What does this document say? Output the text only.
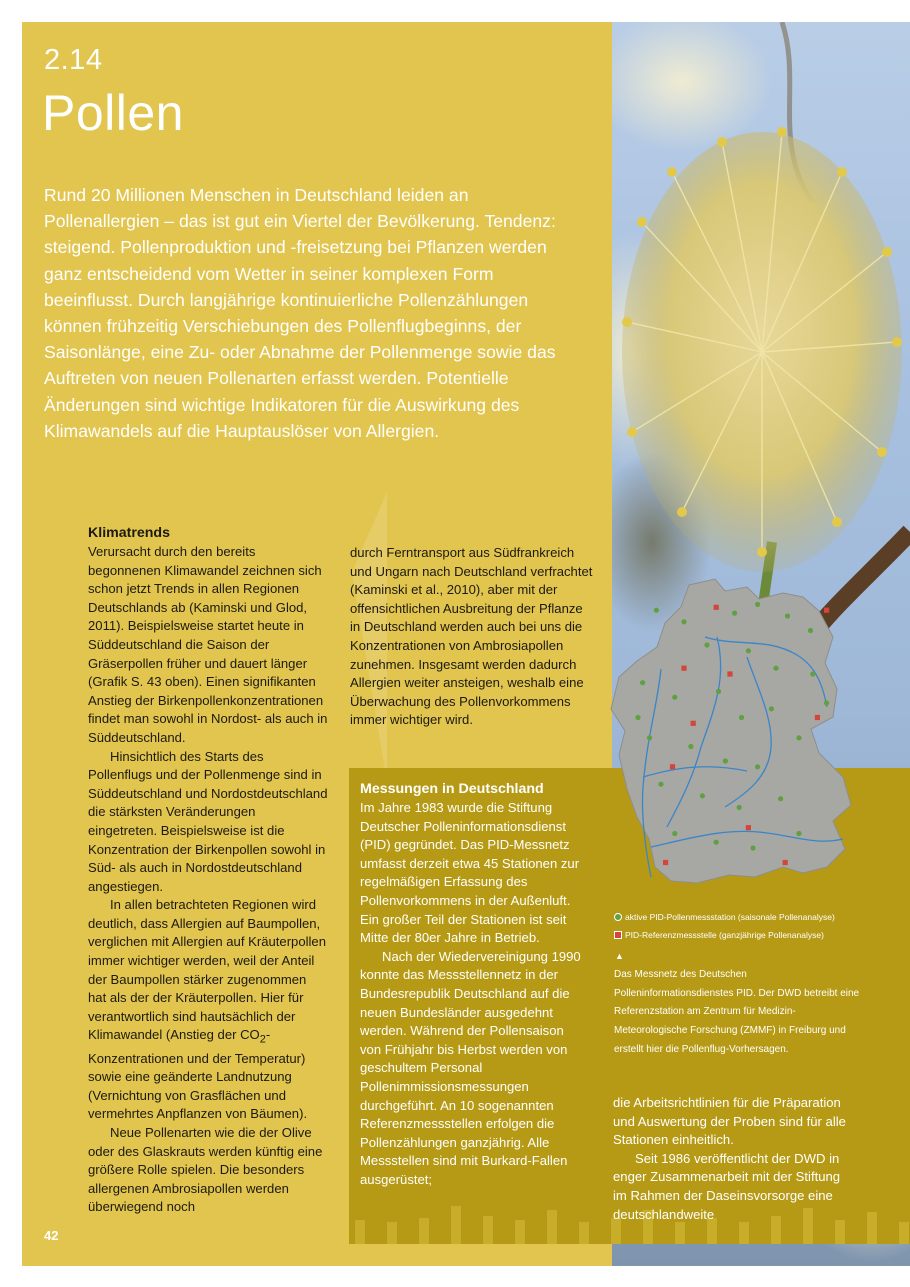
2.14
Pollen

Rund 20 Millionen Menschen in Deutschland leiden an Pollenallergien – das ist gut ein Viertel der Bevölkerung. Tendenz: steigend. Pollenproduktion und -freisetzung bei Pflanzen werden ganz entscheidend vom Wetter in seiner komplexen Form beeinflusst. Durch langjährige kontinuierliche Pollenzählungen können frühzeitig Verschiebungen des Pollenflugbeginns, der Saisonlänge, eine Zu- oder Abnahme der Pollenmenge sowie das Auftreten von neuen Pollenarten erfasst werden. Potentielle Änderungen sind wichtige Indikatoren für die Auswirkung des Klimawandels auf die Hauptauslöser von Allergien.

Klimatrends

Verursacht durch den bereits begonnenen Klimawandel zeichnen sich schon jetzt Trends in allen Regionen Deutschlands ab (Kaminski und Glod, 2011). Beispielsweise startet heute in Süddeutschland die Saison der Gräserpollen früher und dauert länger (Grafik S. 43 oben). Einen signifikanten Anstieg der Birkenpollenkonzentrationen findet man sowohl in Nordost- als auch in Süddeutschland.

Hinsichtlich des Starts des Pollenflugs und der Pollenmenge sind in Süddeutschland und Nordostdeutschland die stärksten Veränderungen eingetreten. Beispielsweise ist die Konzentration der Birkenpollen sowohl in Süd- als auch in Nordostdeutschland angestiegen.

In allen betrachteten Regionen wird deutlich, dass Allergien auf Baumpollen, verglichen mit Allergien auf Kräuterpollen immer wichtiger werden, weil der Anteil der Baumpollen stärker zugenommen hat als der der Kräuterpollen. Hier für verantwortlich sind hautsächlich der Klimawandel (Anstieg der $CO_2$-Konzentrationen und der Temperatur) sowie eine geänderte Landnutzung (Vernichtung von Grasflächen und vermehrtes Anpflanzen von Bäumen).

Neue Pollenarten wie die der Olive oder des Glaskrauts werden künftig eine größere Rolle spielen. Die besonders allergenen Ambrosiapollen werden überwiegend noch

durch Ferntransport aus Südfrankreich und Ungarn nach Deutschland verfrachtet (Kaminski et al., 2010), aber mit der offensichtlichen Ausbreitung der Pflanze in Deutschland werden auch bei uns die Konzentrationen von Ambrosiapollen zunehmen. Insgesamt werden dadurch Allergien weiter ansteigen, weshalb eine Überwachung des Pollenvorkommens immer wichtiger wird.

Messungen in Deutschland

Im Jahre 1983 wurde die Stiftung Deutscher Polleninformationsdienst (PID) gegründet. Das PID-Messnetz umfasst derzeit etwa 45 Stationen zur regelmäßigen Erfassung des Pollenvorkommens in der Außenluft. Ein großer Teil der Stationen ist seit Mitte der 80er Jahre in Betrieb.

Nach der Wiedervereinigung 1990 konnte das Messstellennetz in der Bundesrepublik Deutschland auf die neuen Bundesländer ausgedehnt werden. Während der Pollensaison von Frühjahr bis Herbst werden von geschultem Personal Pollenimmissionsmessungen durchgeführt. An 10 sogenannten Referenzmessstellen erfolgen die Pollenzählungen ganzjährig. Alle Messstellen sind mit Burkard-Fallen ausgerüstet;

aktive PID-Pollenmessstation (saisonale Pollenanalyse)
PID-Referenzmessstelle (ganzjährige Pollenanalyse)
▲
Das Messnetz des Deutschen Polleninformationsdienstes PID. Der DWD betreibt eine Referenzstation am Zentrum für Medizin-Meteorologische Forschung (ZMMF) in Freiburg und erstellt hier die Pollenflug-Vorhersagen.

die Arbeitsrichtlinien für die Präparation und Auswertung der Proben sind für alle Stationen einheitlich.

Seit 1986 veröffentlicht der DWD in enger Zusammenarbeit mit der Stiftung im Rahmen der Daseinsvorsorge eine deutschlandweite

42
